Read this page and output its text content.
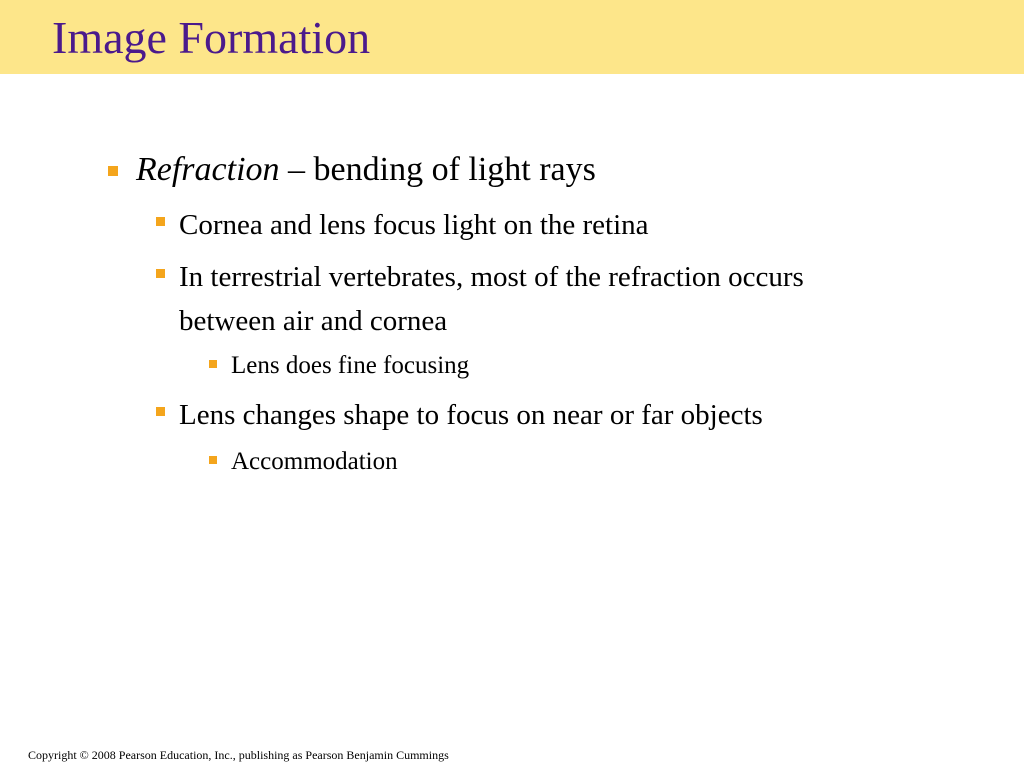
Image Formation

Refraction – bending of light rays

Cornea and lens focus light on the retina

In terrestrial vertebrates, most of the refraction occurs
between air and cornea

Lens does fine focusing

Lens changes shape to focus on near or far objects

Accommodation

Copyright © 2008 Pearson Education, Inc., publishing as Pearson Benjamin Cummings
